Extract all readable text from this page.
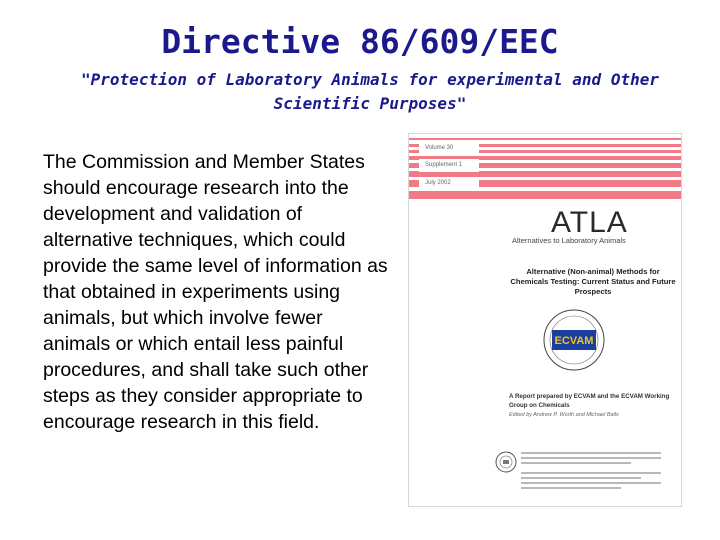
Directive 86/609/EEC

"Protection of Laboratory Animals for experimental and Other Scientific Purposes"

The Commission and Member States should encourage research into the development and validation of alternative techniques, which could provide the same level of information as that obtained in experiments using animals, but which involve fewer animals or which entail less painful procedures, and shall take such other steps as they consider appropriate to encourage research in this field.

Volume 30
Supplement 1
July 2002
ATLA
Alternatives to Laboratory Animals
Alternative (Non-animal) Methods for Chemicals Testing: Current Status and Future Prospects
ECVAM
A Report prepared by ECVAM and the ECVAM Working Group on Chemicals
Edited by Andrew P. Worth and Michael Balls
